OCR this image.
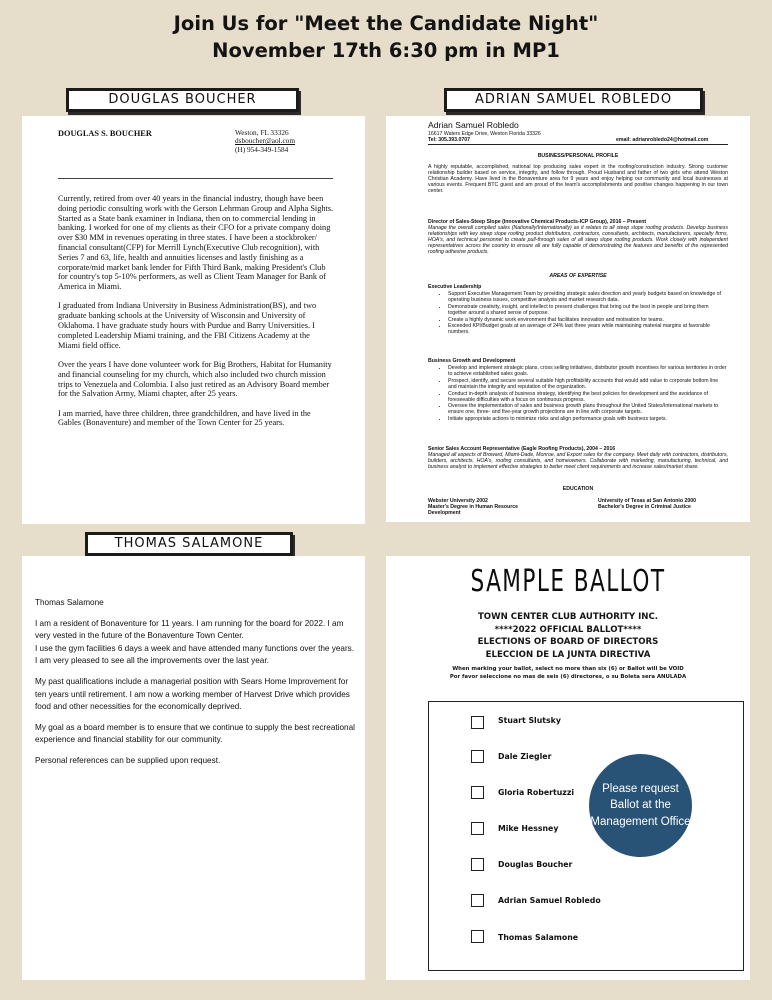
Join Us for "Meet the Candidate Night"
November 17th 6:30 pm in MP1
DOUGLAS BOUCHER	ADRIAN SAMUEL ROBLEDO
THOMAS SALAMONE
DOUGLAS S. BOUCHER	Weston, FL 33326
dsboucher@aol.com
(H) 954-349-1584

Currently, retired from over 40 years in the financial industry, though have been doing periodic consulting work with the Gerson Lehrman Group and Alpha Sights. Started as a State bank examiner in Indiana, then on to commercial lending in banking. I worked for one of my clients as their CFO for a private company doing over $30 MM in revenues operating in three states. I have been a stockbroker/ financial consultant(CFP) for Merrill Lynch(Executive Club recognition), with Series 7 and 63, life, health and annuities licenses and lastly finishing as a corporate/mid market bank lender for Fifth Third Bank, making President's Club for country's top 5-10% performers, as well as Client Team Manager for Bank of America in Miami.

I graduated from Indiana University in Business Administration(BS), and two graduate banking schools at the University of Wisconsin and University of Oklahoma. I have graduate study hours with Purdue and Barry Universities. I completed Leadership Miami training, and the FBI Citizens Academy at the Miami field office.

Over the years I have done volunteer work for Big Brothers, Habitat for Humanity and financial counseling for my church, which also included two church mission trips to Venezuela and Colombia. I also just retired as an Advisory Board member for the Salvation Army, Miami chapter, after 25 years.

I am married, have three children, three grandchildren, and have lived in the Gables (Bonaventure) and member of the Town Center for 25 years.

Adrian Samuel Robledo
16617 Waters Edge Drive, Weston Florida 33326
Tel: 305.393.0707	email: adrianrobledo24@hotmail.com
BUSINESS/PERSONAL PROFILE
A highly reputable, accomplished, national top producing sales expert in the roofing/construction industry. Strong customer relationship builder based on service, integrity, and follow through. Proud Husband and father of two girls who attend Weston Christian Academy. Have lived in the Bonaventure area for 9 years and enjoy helping our community and local businesses at various events. Frequent BTC guest and am proud of the team's accomplishments and positive changes happening in our town center.
Director of Sales-Steep Slope (Innovative Chemical Products-ICP Group), 2016 – Present
Manage the overall compiled sales (Nationally/Internationally) as it relates to all steep slope roofing products. Develop business relationships with key steep slope roofing product distributors, contractors, consultants, architects, manufacturers, specialty firms, HOA's, and technical personnel to create pull-through sales of all steep slope roofing products. Work closely with independent representatives across the country to ensure all are fully capable of demonstrating the features and benefits of the represented roofing adhesive products.
AREAS OF EXPERTISE
Executive Leadership
• Support Executive Management Team by providing strategic sales direction and yearly budgets based on knowledge of operating business issues, competitive analysis and market research data.
• Demonstrate creativity, insight, and intellect to present challenges that bring out the best in people and bring them together around a shared sense of purpose.
• Create a highly dynamic work environment that facilitates innovation and motivation for teams.
• Exceeded KPI/Budget goals at an average of 24% last three years while maintaining material margins at favorable numbers.
Business Growth and Development
• Develop and implement strategic plans, cross selling initiatives, distributor growth incentives for various territories in order to achieve established sales goals.
• Prospect, identify, and secure several suitable high profitability accounts that would add value to corporate bottom line and maintain the integrity and reputation of the organization.
• Conduct in-depth analysis of business strategy, identifying the best policies for development and the avoidance of foreseeable difficulties with a focus on continuous progress.
• Oversee the implementation of sales and business growth plans throughout the United States/International markets to ensure one, three- and five-year growth projections are in line with corporate targets.
• Initiate appropriate actions to minimize risks and align performance goals with business targets.
Senior Sales Account Representative (Eagle Roofing Products), 2004 – 2016
Managed all aspects of Broward, Miami-Dade, Monroe, and Export sales for the company. Meet daily with contractors, distributors, builders, architects, HOA's, roofing consultants, and homeowners. Collaborate with marketing, manufacturing, technical, and business analyst to implement effective strategies to better meet client requirements and increase sales/market share.
EDUCATION
Webster University 2002
Master's Degree in Human Resource
Development
University of Texas at San Antonio 2000
Bachelor's Degree in Criminal Justice

Thomas Salamone

I am a resident of Bonaventure for 11 years. I am running for the board for 2022. I am very vested in the future of the Bonaventure Town Center.
I use the gym facilities 6 days a week and have attended many functions over the years. I am very pleased to see all the improvements over the last year.

My past qualifications include a managerial position with Sears Home Improvement for ten years until retirement. I am now a working member of Harvest Drive which provides food and other necessities for the economically deprived.

My goal as a board member is to ensure that we continue to supply the best recreational experience and financial stability for our community.

Personal references can be supplied upon request.

SAMPLE BALLOT
TOWN CENTER CLUB AUTHORITY INC.
****2022 OFFICIAL BALLOT****
ELECTIONS OF BOARD OF DIRECTORS
ELECCION DE LA JUNTA DIRECTIVA
When marking your ballot, select no more than six (6) or Ballot will be VOID
Por favor seleccione no mas de seis (6) directores, o su Boleta sera ANULADA
Stuart Slutsky
Dale Ziegler
Gloria Robertuzzi
Mike Hessney
Douglas Boucher
Adrian Samuel Robledo
Thomas Salamone
Please request Ballot at the Management Office
